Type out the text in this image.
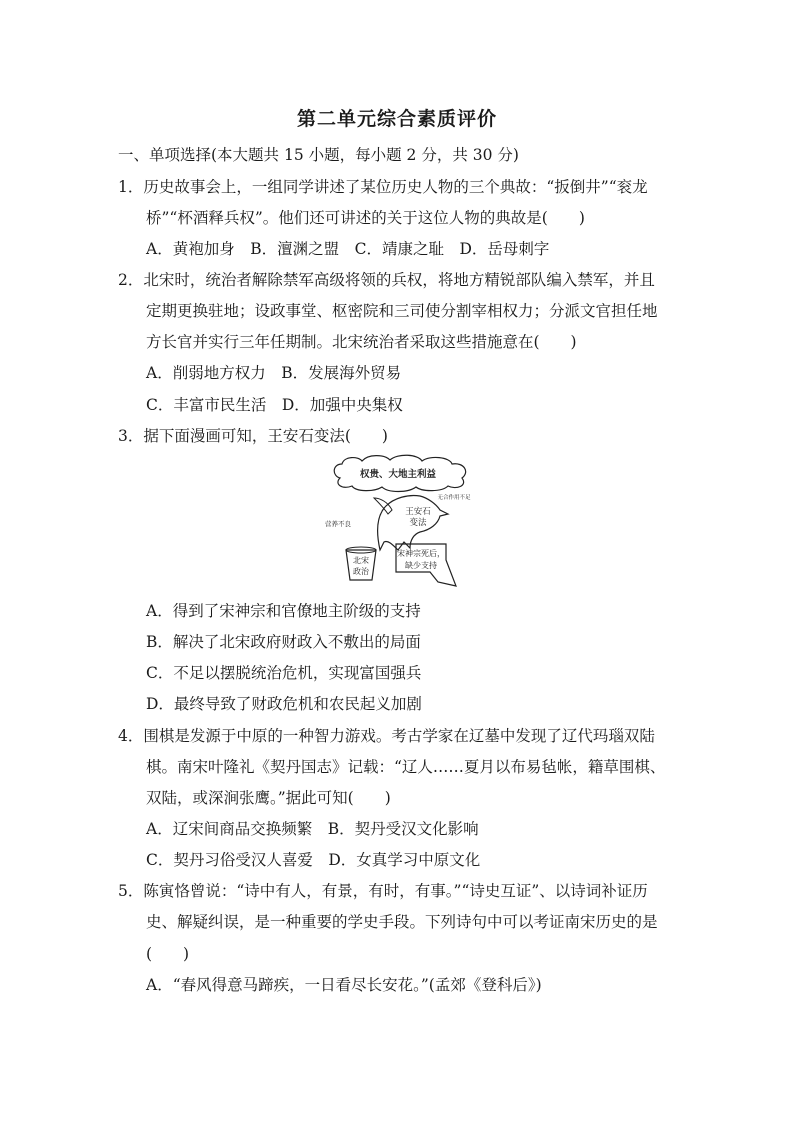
第二单元综合素质评价
一、单项选择(本大题共 15 小题，每小题 2 分，共 30 分)
1．历史故事会上，一组同学讲述了某位历史人物的三个典故：“扳倒井”“衮龙
桥”“杯酒释兵权”。他们还可讲述的关于这位人物的典故是(　　)
A．黄袍加身　B．澶渊之盟　C．靖康之耻　D．岳母刺字
2．北宋时，统治者解除禁军高级将领的兵权，将地方精锐部队编入禁军，并且
定期更换驻地；设政事堂、枢密院和三司使分割宰相权力；分派文官担任地
方长官并实行三年任期制。北宋统治者采取这些措施意在(　　)
A．削弱地方权力　B．发展海外贸易
C．丰富市民生活　D．加强中央集权
3．据下面漫画可知，王安石变法(　　)
权贵、大地主利益
王安石
变法
无合作用不足
营养不良
北宋
政治
宋神宗死后，
缺少支持
A．得到了宋神宗和官僚地主阶级的支持
B．解决了北宋政府财政入不敷出的局面
C．不足以摆脱统治危机，实现富国强兵
D．最终导致了财政危机和农民起义加剧
4．围棋是发源于中原的一种智力游戏。考古学家在辽墓中发现了辽代玛瑙双陆
棋。南宋叶隆礼《契丹国志》记载：“辽人……夏月以布易毡帐，籍草围棋、
双陆，或深涧张鹰。”据此可知(　　)
A．辽宋间商品交换频繁　B．契丹受汉文化影响
C．契丹习俗受汉人喜爱　D．女真学习中原文化
5．陈寅恪曾说：“诗中有人，有景，有时，有事。”“诗史互证”、以诗词补证历
史、解疑纠误，是一种重要的学史手段。下列诗句中可以考证南宋历史的是
(　　)
A．“春风得意马蹄疾，一日看尽长安花。”(孟郊《登科后》)
